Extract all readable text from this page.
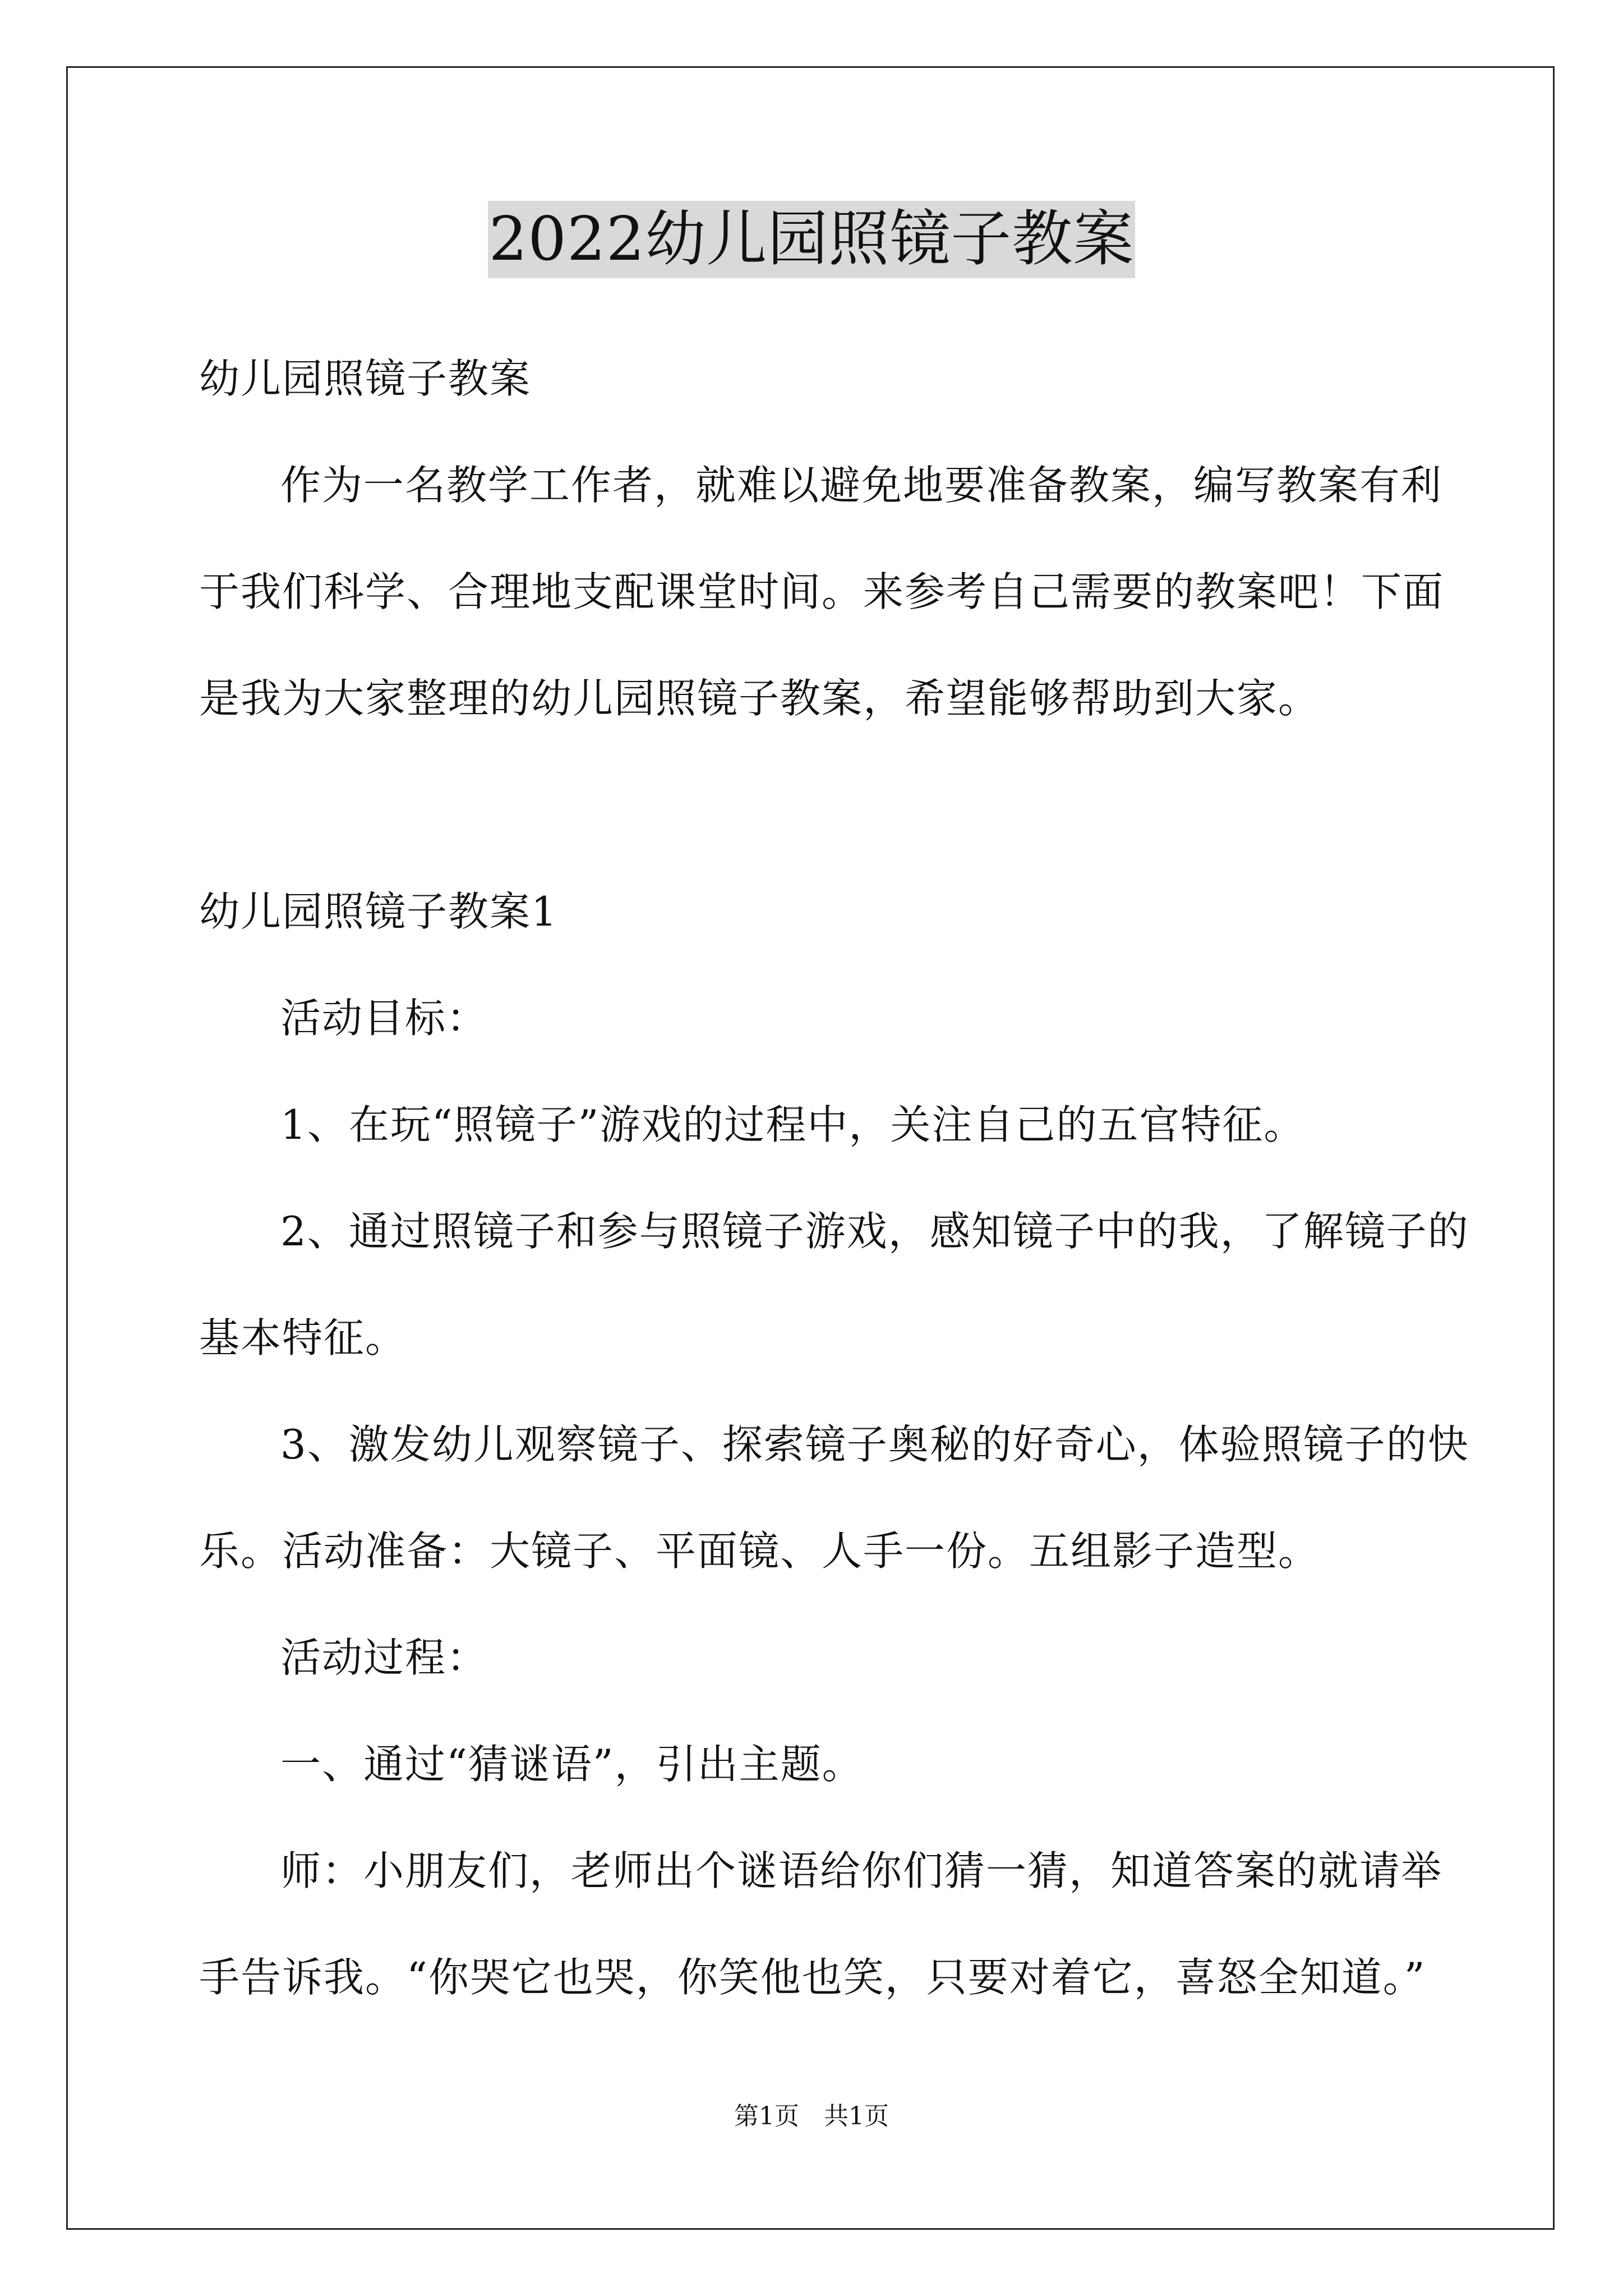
2022幼儿园照镜子教案
幼儿园照镜子教案
作为一名教学工作者，就难以避免地要准备教案，编写教案有利
于我们科学、合理地支配课堂时间。来参考自己需要的教案吧！下面
是我为大家整理的幼儿园照镜子教案，希望能够帮助到大家。
幼儿园照镜子教案1
活动目标：
1、在玩“照镜子”游戏的过程中，关注自己的五官特征。
2、通过照镜子和参与照镜子游戏，感知镜子中的我，了解镜子的
基本特征。
3、激发幼儿观察镜子、探索镜子奥秘的好奇心，体验照镜子的快
乐。活动准备：大镜子、平面镜、人手一份。五组影子造型。
活动过程：
一、通过“猜谜语”，引出主题。
师：小朋友们，老师出个谜语给你们猜一猜，知道答案的就请举
手告诉我。“你哭它也哭，你笑他也笑，只要对着它，喜怒全知道。”
第1页 共1页
